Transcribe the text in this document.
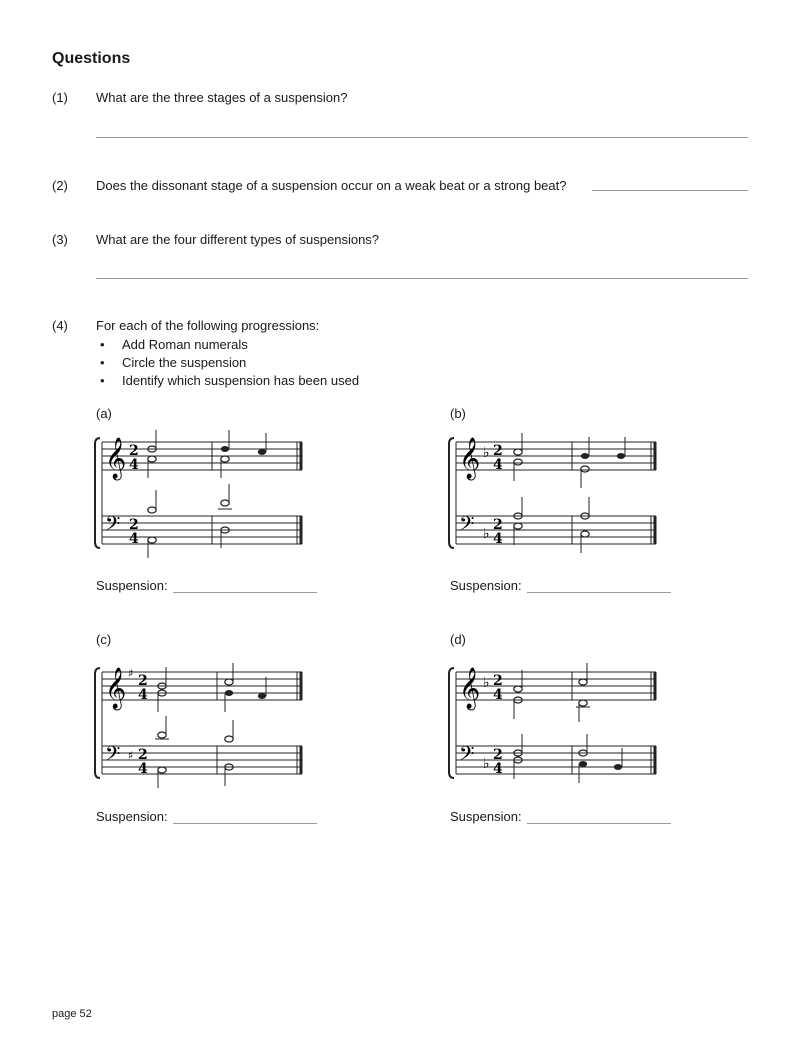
Questions
(1) What are the three stages of a suspension?
(2) Does the dissonant stage of a suspension occur on a weak beat or a strong beat?
(3) What are the four different types of suspensions?
(4) For each of the following progressions:
• Add Roman numerals
• Circle the suspension
• Identify which suspension has been used
(a)	(b)
(c)	(d)
𝄞
𝄢
2
4
2
4
𝄞
𝄢
♭
♭
2
4
2
4
𝄞
𝄢
♯
♯
2
4
2
4
𝄞
𝄢
♭
♭
2
4
2
4
Suspension:	Suspension:
Suspension:	Suspension:
page 52
